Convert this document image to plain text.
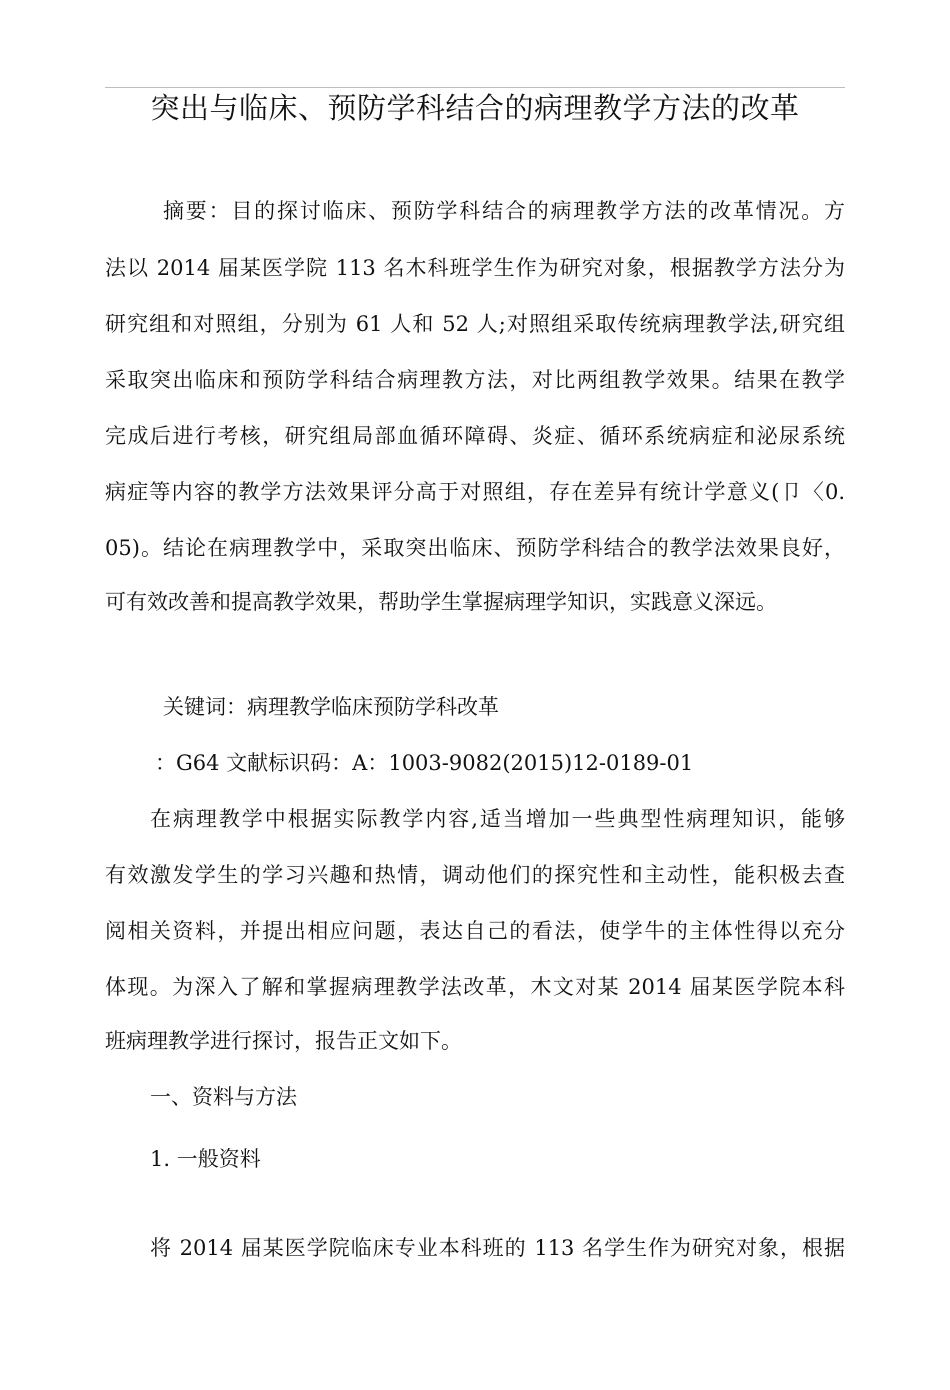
突出与临床、预防学科结合的病理教学方法的改革
摘要：目的探讨临床、预防学科结合的病理教学方法的改革情况。方
法以 2014 届某医学院 113 名木科班学生作为研究对象，根据教学方法分为
研究组和对照组，分别为 61 人和 52 人;对照组采取传统病理教学法,研究组
采取突出临床和预防学科结合病理教方法，对比两组教学效果。结果在教学
完成后进行考核，研究组局部血循环障碍、炎症、循环系统病症和泌尿系统
病症等内容的教学方法效果评分高于对照组，存在差异有统计学意义(卩〈0.
05)。结论在病理教学中，采取突出临床、预防学科结合的教学法效果良好，
可有效改善和提高教学效果，帮助学生掌握病理学知识，实践意义深远。
关键词：病理教学临床预防学科改革
：G64 文献标识码：A：1003-9082(2015)12-0189-01
在病理教学中根据实际教学内容,适当增加一些典型性病理知识，能够
有效激发学生的学习兴趣和热情，调动他们的探究性和主动性，能积极去查
阅相关资料，并提出相应问题，表达自己的看法，使学牛的主体性得以充分
体现。为深入了解和掌握病理教学法改革，木文对某 2014 届某医学院本科
班病理教学进行探讨，报告正文如下。
一、资料与方法
1. 一般资料
将 2014 届某医学院临床专业本科班的 113 名学生作为研究对象，根据
